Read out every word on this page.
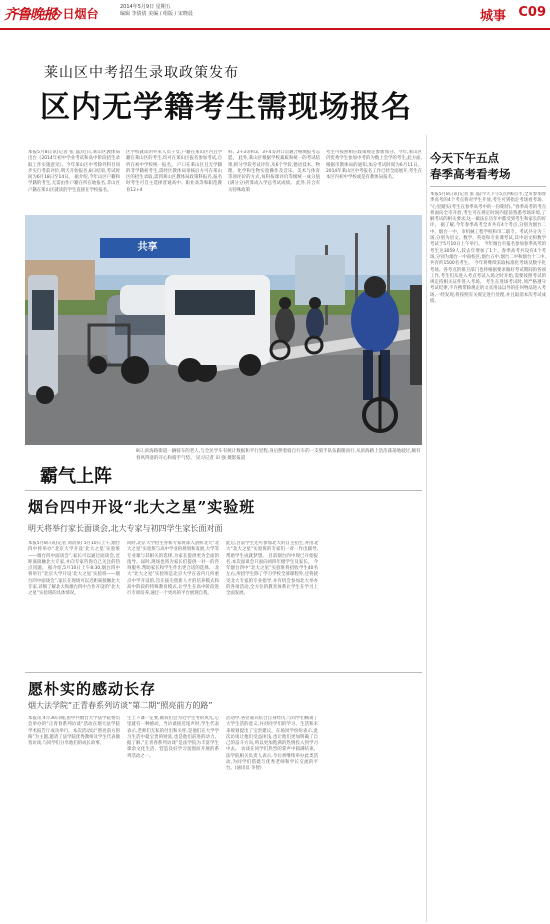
齐鲁晚报
·今日烟台	2014年5月9日 星期五
编辑 李倩倩 美编 / 组版 / 宋晓晨	城事 C09
莱山区中考招生录取政策发布
区内无学籍考生需现场报名
本报5月8日讯(记者 张 晶)近日,莱山区教体局出台《2014年初中学业考试和高中阶段招生录取工作实施意见》。今年莱山区中考除外科目同步实行考前评价,明天开始报名,8日结束,考试时间为6月18日至14日。 据介绍,今年山区户籍和学籍的考生,无需由作户籍在所在地报名,非山区户籍在莱山区就读的学生直接在学校报名。
区学校就读的外来人员子女,户籍在莱山区内且学籍在莱山区的考生,均可在莱山区报名参加考试,自听在初中学校统一报名。 户口在莱山区且无学籍的非学籍初考生,需经区教体局审核后方可在莱山区的招生录取,需到莱山区教体局政策科报名,报名时考生可自主选择普通高中、职业高等和职范教育12+4
科、2+3等和3、3+4等对口贯通合格填报考志愿。 此外,莱山区根据学校素质和统一的考试结果,积分学段考试评价,从6个学段,德语技术、物理、化学和生物实验操作及音乐、美术与体育等项评价的方式,每科按课评价等级统一成分值(满分分)折算成入学总考试成绩。 此外,符合有关特殊政策
考生可按照相应政策规定参加加分。今年,莱山区仍优秀学生参加中考的为数上会学的考生,此方面,根据市教体局的通知,加分考试时间为6月11日。 2014年莱山区中考报名工作已经全面展开,考生在本区内初中学校或是有教体局报名。
今天下午五点
春季高考看考场
本报5月8日讯(记者 张 晶)今天下午5点到6点半,全市参加春季高考的4个考点将对学生开放,考生可到指定考场看考场。 “心里踏实(考生在春季高考中的一份期待)。”春季高考的考点将面向全市开放,考生可在规定时间内提前熟悉考场环境,了解考试的相关要求,这一做法在历年中都受到考生和家长的好评。 据了解,今年春季高考全市共有4个考点,分别为烟台二中、烟台一中、市机械工程学校和市二职专。考试共分为三场,分别为语文、数学、英语和专业课考试,其中语文和数学考试于5月10日上午举行。 今年烟台市报名参加春季高考的考生达3059人,较去年增加了1个。春季高考共设有4个考场,分别为烟台一中南校区,烟台五中,烟台二中和烟台十二中,共有约1500名考生。 今年将继续采取标准化考场及数字化考场。各考点的保卫部门也将根据要求做好考试期间的各项工作,考生们从进入考点考试入场之时开始,需要按照考试的规定持相关证件进入考场。 考生在进场考试时,须严格遵守考试纪律,不许携带除规定的文具用品以外的任何物品进入考场,一经发现,将按照有关规定进行处理,并且取消本次考试成绩。
共享
霸气上阵
8日,滨海路街道一辆骑车的老人,与全民学车有统计数据和平行里程,身后摆着骑自行车的一支骑手队伍跟随而行,从滨海路上浩浩荡荡地驶过,颇有春风得意的开心和骑手气势。 见习记者 田 强 摄影报道
烟台四中开设“北大之星”实验班
明天将举行家长面谈会,北大专家与初四学生家长面对面
本报5月8日讯(记者 刘清泉) 5月10日上午,烟台四中将举办“北京大学开设‘北大之星’实验班——烟台四中面谈会”,家长可以通过面谈会,近距离接触北大专家,并向专家咨询自己关注的热点问题。 据介绍,5月10日上午8:30,烟台四中将举行“北京大学开设‘北大之星’实验班——烟台四中面谈会”,家长在现场可以近距离接触北大专家,详细了解北大和烟台四中合作开设的“北大之星”实验班的具体情况。
同时,北京大学招生办和专家将深入剖析北大“北大之星”实验班与高中学业的规划和发展,大学等专业课与其相关的选择,为家长提供更为全面的指导。届时,现场也将为家长们提供一对一的咨询服务,帮助家长和学生作出更合适的选择。 北大“北大之星”实验班是北京大学在省内几所重点中学开设的,旨在拔尖创新人才的培养模式和高中阶段的特殊教育模式,让学生在高中阶段进行专项培养,通过一个更高的平台展现自我。
此后,目前学生还可参加北大的自主招生,并由北大“北大之星”实验班的专家们一对一作出辅导,帮助学生成就梦想。 目前烟台四中现已开始报名,本次面谈会只面向初四年级学生及家长。 今年烟台四中“北大之星”实验班将招收学生40名左右,所招学生除了学习学校全部课程外,还将接受北大专家的专业指导,并有机会参加北大举办的各项活动,全方位的教育体系让学生在学习上全面发展。
愿朴实的感动长存
烟大法学院“正青春系列访谈”第二期“照亮前方的路”
本报讯 4月30日晚,由中共烟台大学法学院委员会举办的“正青春系列访谈”活动在烟大法学院学术报告厅成功举行。本次活动以“照亮前方的路”为主题,邀请了法学院优秀教师及学生代表做客访谈,与同学们分享他们的成长故事。
生上下课一定要,做我们会为近学生考的风光,心里就有一种感动。当访谈接近尾声时,学生代表表示,老师们无私的付出和关怀,是他们在大学学习生活中最宝贵的财富,也是他们前进的动力。 据了解,“正青春系列访谈”是法学院为丰富学生课余文化生活、营造良好学习氛围而开展的系列活动之一。
活动中,各位嘉宾结合自身经历,与同学们畅谈了大学生活的意义,并对同学们的学习、生活和未来规划提出了宝贵建议。在场同学纷纷表示,此次访谈让他们受益匪浅,也让他们更加明确了自己的奋斗方向,将以更加饱满的热情投入到学习中去。 访谈在同学们热烈的掌声中圆满结束。法学院相关负责人表示,今后将继续举办此类活动,为同学们搭建与优秀老师和学长交流的平台。(通讯员 李智)
